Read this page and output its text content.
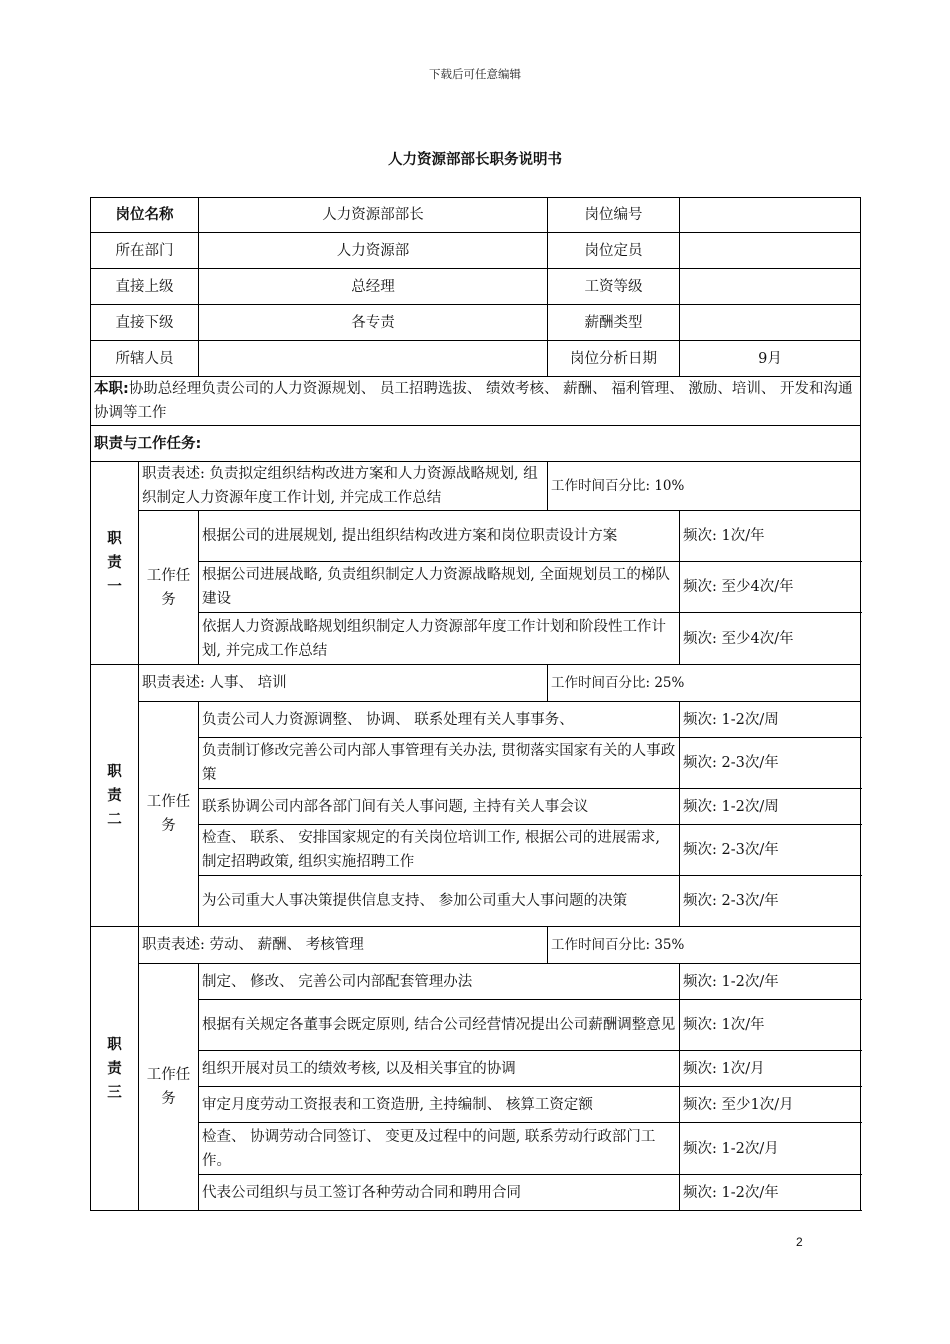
下载后可任意编辑
人力资源部部长职务说明书
岗位名称		人力资源部部长	岗位编号	
所在部门		人力资源部	岗位定员	
直接上级		总经理	工资等级	
直接下级		各专责	薪酬类型	
所辖人员			岗位分析日期	9月
本职:协助总经理负责公司的人力资源规划、 员工招聘选拔、 绩效考核、 薪酬、 福利管理、 激励、培训、 开发和沟通协调等工作				
职责与工作任务:				
职
责
一	职责表述: 负责拟定组织结构改进方案和人力资源战略规划, 组织制定人力资源年度工作计划, 并完成工作总结		工作时间百分比: 10%	
	工作任务	根据公司的进展规划, 提出组织结构改进方案和岗位职责设计方案		频次: 1次/年
		根据公司进展战略, 负责组织制定人力资源战略规划, 全面规划员工的梯队建设		频次: 至少4次/年
		依据人力资源战略规划组织制定人力资源部年度工作计划和阶段性工作计划, 并完成工作总结		频次: 至少4次/年
职
责
二	职责表述: 人事、 培训		工作时间百分比: 25%	
	工作任务	负责公司人力资源调整、 协调、 联系处理有关人事事务、		频次: 1-2次/周
		负责制订修改完善公司内部人事管理有关办法, 贯彻落实国家有关的人事政策		频次: 2-3次/年
		联系协调公司内部各部门间有关人事问题, 主持有关人事会议		频次: 1-2次/周
		检查、 联系、 安排国家规定的有关岗位培训工作, 根据公司的进展需求, 制定招聘政策, 组织实施招聘工作		频次: 2-3次/年
		为公司重大人事决策提供信息支持、 参加公司重大人事问题的决策		频次: 2-3次/年
职
责
三	职责表述: 劳动、 薪酬、 考核管理		工作时间百分比: 35%	
	工作任务	制定、 修改、 完善公司内部配套管理办法		频次: 1-2次/年
		根据有关规定各董事会既定原则, 结合公司经营情况提出公司薪酬调整意见		频次: 1次/年
		组织开展对员工的绩效考核, 以及相关事宜的协调		频次: 1次/月
		审定月度劳动工资报表和工资造册, 主持编制、 核算工资定额		频次: 至少1次/月
		检查、 协调劳动合同签订、 变更及过程中的问题, 联系劳动行政部门工作。		频次: 1-2次/月
		代表公司组织与员工签订各种劳动合同和聘用合同		频次: 1-2次/年
2
